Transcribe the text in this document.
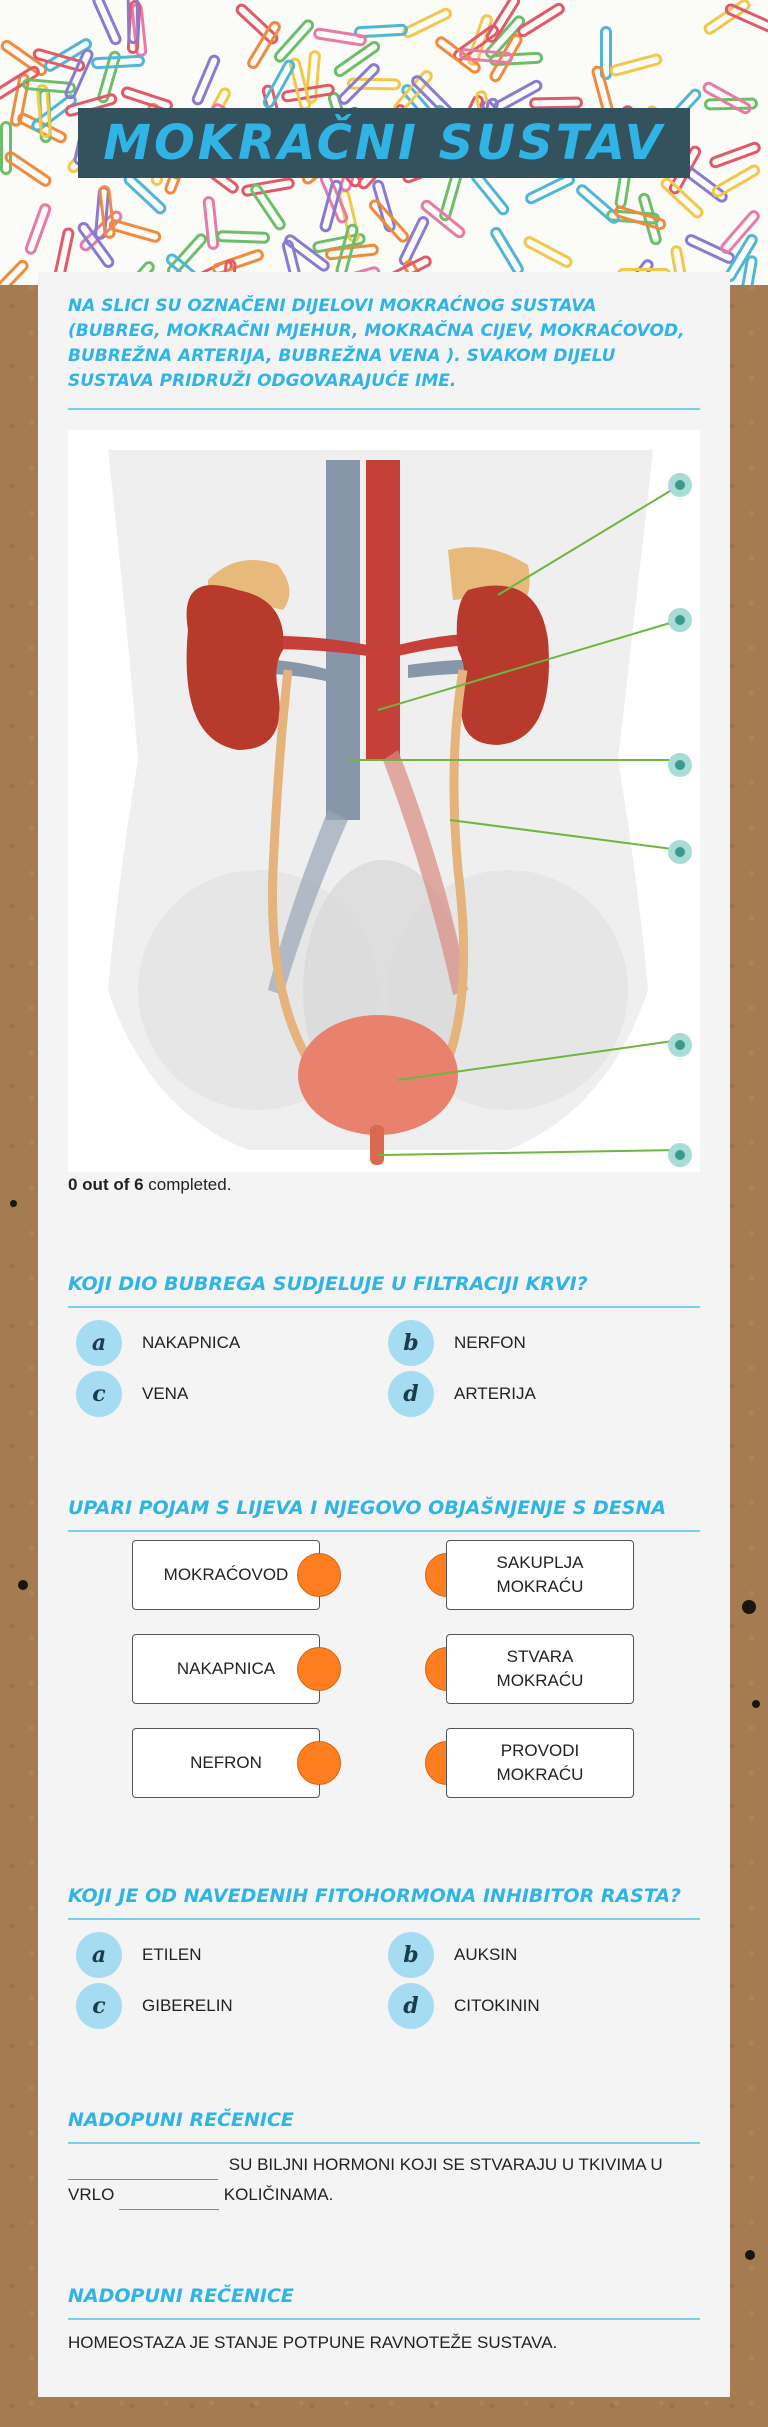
MOKRAČNI SUSTAV

NA SLICI SU OZNAČENI DIJELOVI MOKRAĆNOG SUSTAVA (BUBREG, MOKRAČNI MJEHUR, MOKRAČNA CIJEV, MOKRAĆOVOD, BUBREŽNA ARTERIJA, BUBREŽNA VENA ). SVAKOM DIJELU SUSTAVA PRIDRUŽI ODGOVARAJUĆE IME.

0 out of 6 completed.

KOJI DIO BUBREGA SUDJELUJE U FILTRACIJI KRVI?

a	NAKAPNICA	b	NERFON
c	VENA	d	ARTERIJA

UPARI POJAM S LIJEVA I NJEGOVO OBJAŠNJENJE S DESNA

MOKRAĆOVOD
SAKUPLJA
MOKRAĆU
NAKAPNICA
STVARA
MOKRAĆU
NEFRON
PROVODI
MOKRAĆU

KOJI JE OD NAVEDENIH FITOHORMONA INHIBITOR RASTA?

a	ETILEN	b	AUKSIN
c	GIBERELIN	d	CITOKININ

NADOPUNI REČENICE

SU BILJNI HORMONI KOJI SE STVARAJU U TKIVIMA U
VRLO	KOLIČINAMA.

NADOPUNI REČENICE

HOMEOSTAZA JE STANJE POTPUNE RAVNOTEŽE SUSTAVA.
